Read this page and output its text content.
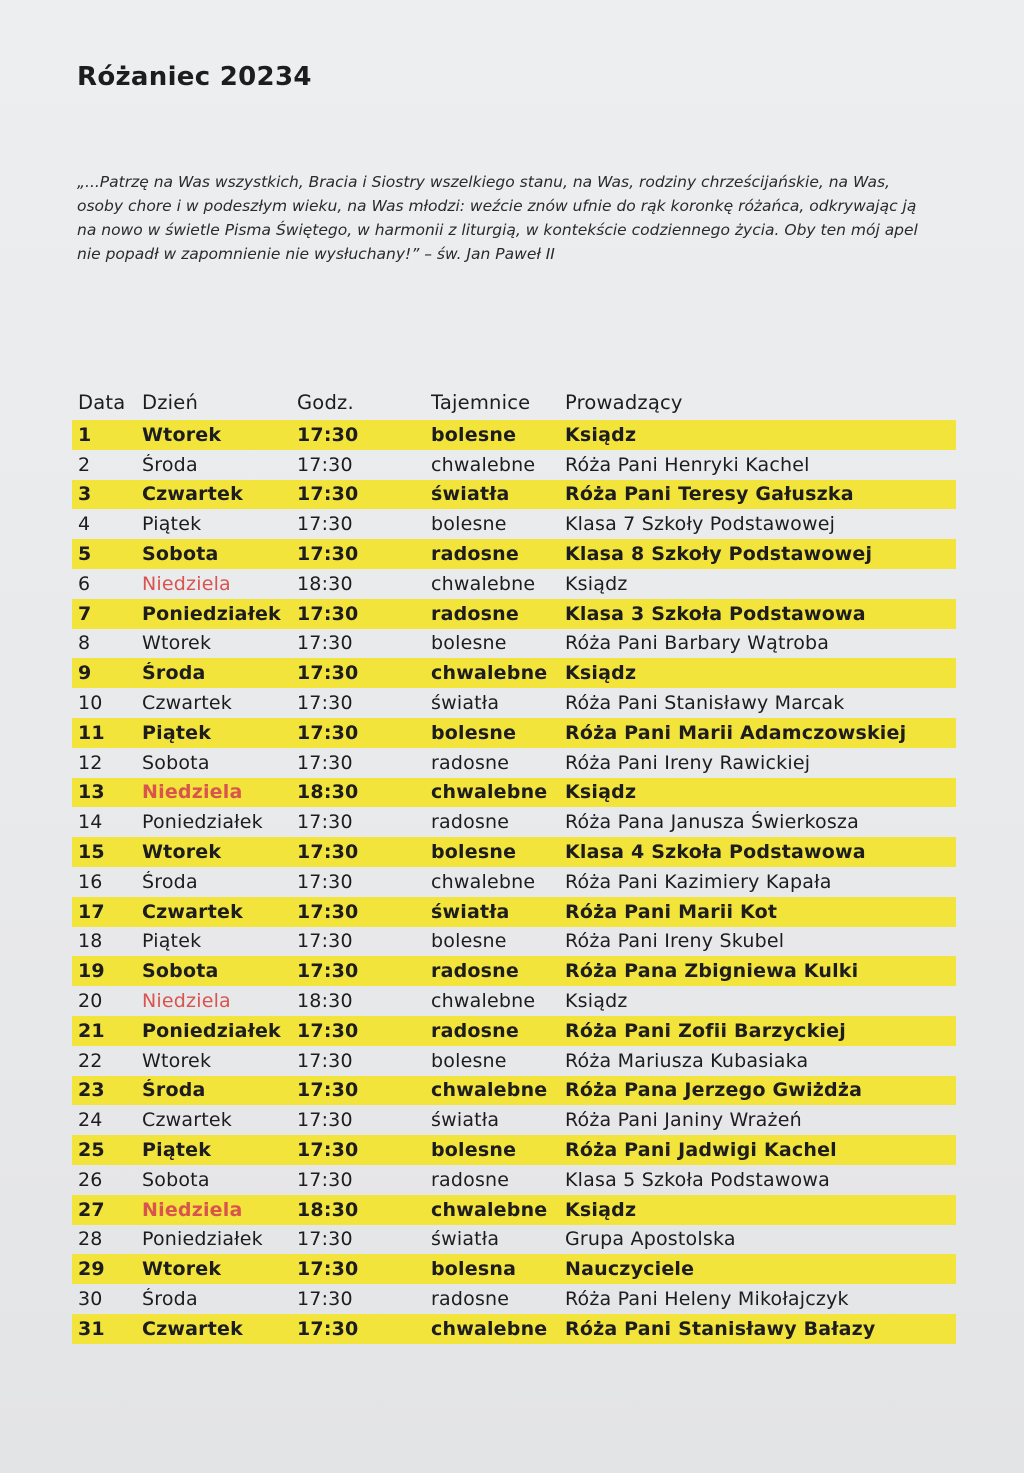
Różaniec 20234

„...Patrzę na Was wszystkich, Bracia i Siostry wszelkiego stanu, na Was, rodziny chrześcijańskie, na Was, osoby chore i w podeszłym wieku, na Was młodzi: weźcie znów ufnie do rąk koronkę różańca, odkrywając ją na nowo w świetle Pisma Świętego, w harmonii z liturgią, w kontekście codziennego życia. Oby ten mój apel nie popadł w zapomnienie nie wysłuchany!” – św. Jan Paweł II

Data Dzień	Godz.	Tajemnice	Prowadzący
1	Wtorek	17:30	bolesne	Ksiądz
2	Środa	17:30	chwalebne	Róża Pani Henryki Kachel
3	Czwartek	17:30	światła	Róża Pani Teresy Gałuszka
4	Piątek	17:30	bolesne	Klasa 7 Szkoły Podstawowej
5	Sobota	17:30	radosne	Klasa 8 Szkoły Podstawowej
6	Niedziela	18:30	chwalebne	Ksiądz
7	Poniedziałek 17:30	radosne	Klasa 3 Szkoła Podstawowa
8	Wtorek	17:30	bolesne	Róża Pani Barbary Wątroba
9	Środa	17:30	chwalebne Ksiądz
10	Czwartek	17:30	światła	Róża Pani Stanisławy Marcak
11	Piątek	17:30	bolesne	Róża Pani Marii Adamczowskiej
12	Sobota	17:30	radosne	Róża Pani Ireny Rawickiej
13	Niedziela	18:30	chwalebne Ksiądz
14	Poniedziałek	17:30	radosne	Róża Pana Janusza Świerkosza
15	Wtorek	17:30	bolesne	Klasa 4 Szkoła Podstawowa
16	Środa	17:30	chwalebne	Róża Pani Kazimiery Kapała
17	Czwartek	17:30	światła	Róża Pani Marii Kot
18	Piątek	17:30	bolesne	Róża Pani Ireny Skubel
19	Sobota	17:30	radosne	Róża Pana Zbigniewa Kulki
20	Niedziela	18:30	chwalebne	Ksiądz
21	Poniedziałek 17:30	radosne	Róża Pani Zofii Barzyckiej
22	Wtorek	17:30	bolesne	Róża Mariusza Kubasiaka
23	Środa	17:30	chwalebne Róża Pana Jerzego Gwiżdża
24	Czwartek	17:30	światła	Róża Pani Janiny Wrażeń
25	Piątek	17:30	bolesne	Róża Pani Jadwigi Kachel
26	Sobota	17:30	radosne	Klasa 5 Szkoła Podstawowa
27	Niedziela	18:30	chwalebne Ksiądz
28	Poniedziałek	17:30	światła	Grupa Apostolska
29	Wtorek	17:30	bolesna	Nauczyciele
30	Środa	17:30	radosne	Róża Pani Heleny Mikołajczyk
31	Czwartek	17:30	chwalebne Róża Pani Stanisławy Bałazy
